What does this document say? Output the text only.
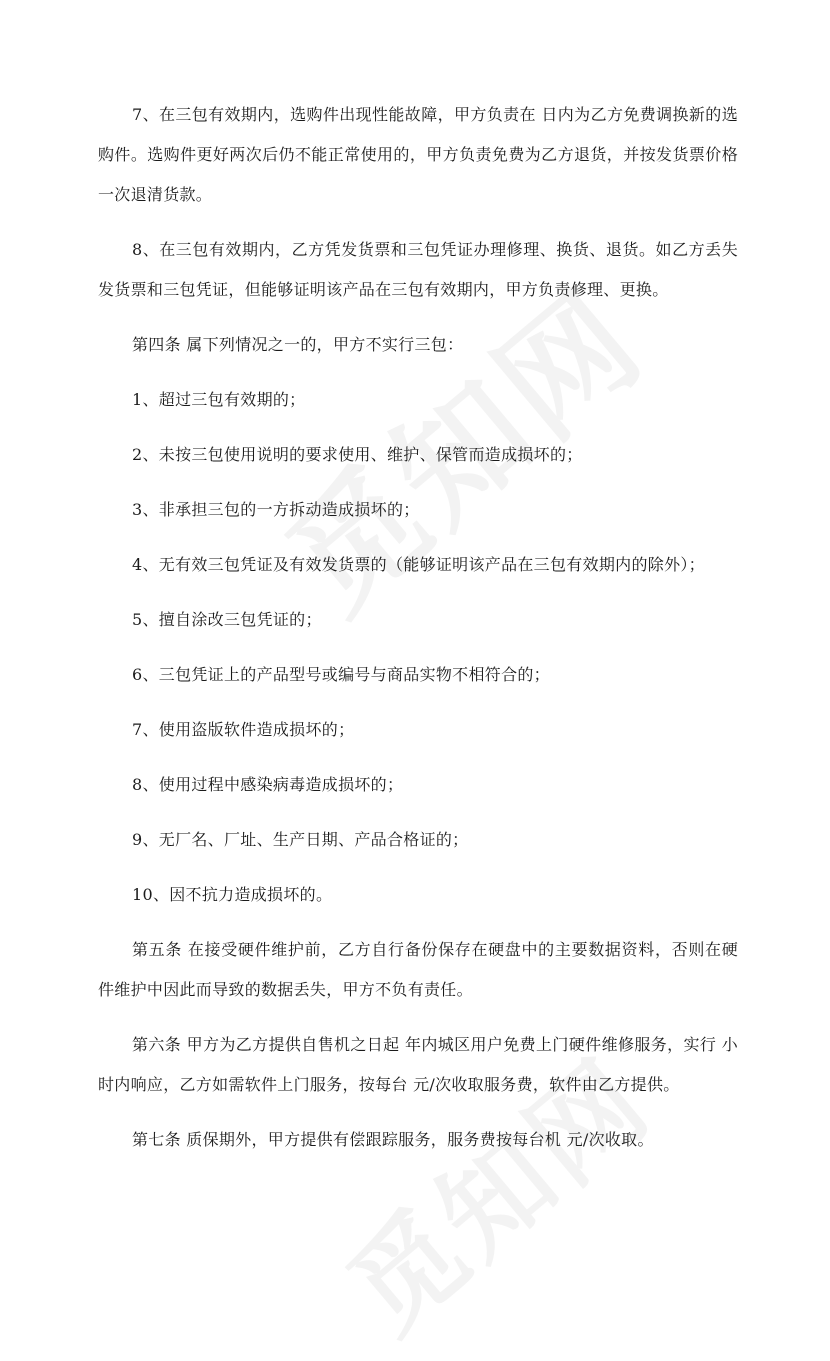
7、在三包有效期内，选购件出现性能故障，甲方负责在 日内为乙方免费调换新的选购件。选购件更好两次后仍不能正常使用的，甲方负责免费为乙方退货，并按发货票价格一次退清货款。

8、在三包有效期内，乙方凭发货票和三包凭证办理修理、换货、退货。如乙方丢失发货票和三包凭证，但能够证明该产品在三包有效期内，甲方负责修理、更换。

第四条 属下列情况之一的，甲方不实行三包：

1、超过三包有效期的；

2、未按三包使用说明的要求使用、维护、保管而造成损坏的；

3、非承担三包的一方拆动造成损坏的；

4、无有效三包凭证及有效发货票的（能够证明该产品在三包有效期内的除外）；

5、擅自涂改三包凭证的；

6、三包凭证上的产品型号或编号与商品实物不相符合的；

7、使用盗版软件造成损坏的；

8、使用过程中感染病毒造成损坏的；

9、无厂名、厂址、生产日期、产品合格证的；

10、因不抗力造成损坏的。

第五条 在接受硬件维护前，乙方自行备份保存在硬盘中的主要数据资料，否则在硬件维护中因此而导致的数据丢失，甲方不负有责任。

第六条 甲方为乙方提供自售机之日起 年内城区用户免费上门硬件维修服务，实行 小时内响应，乙方如需软件上门服务，按每台 元/次收取服务费，软件由乙方提供。

第七条 质保期外，甲方提供有偿跟踪服务，服务费按每台机 元/次收取。
